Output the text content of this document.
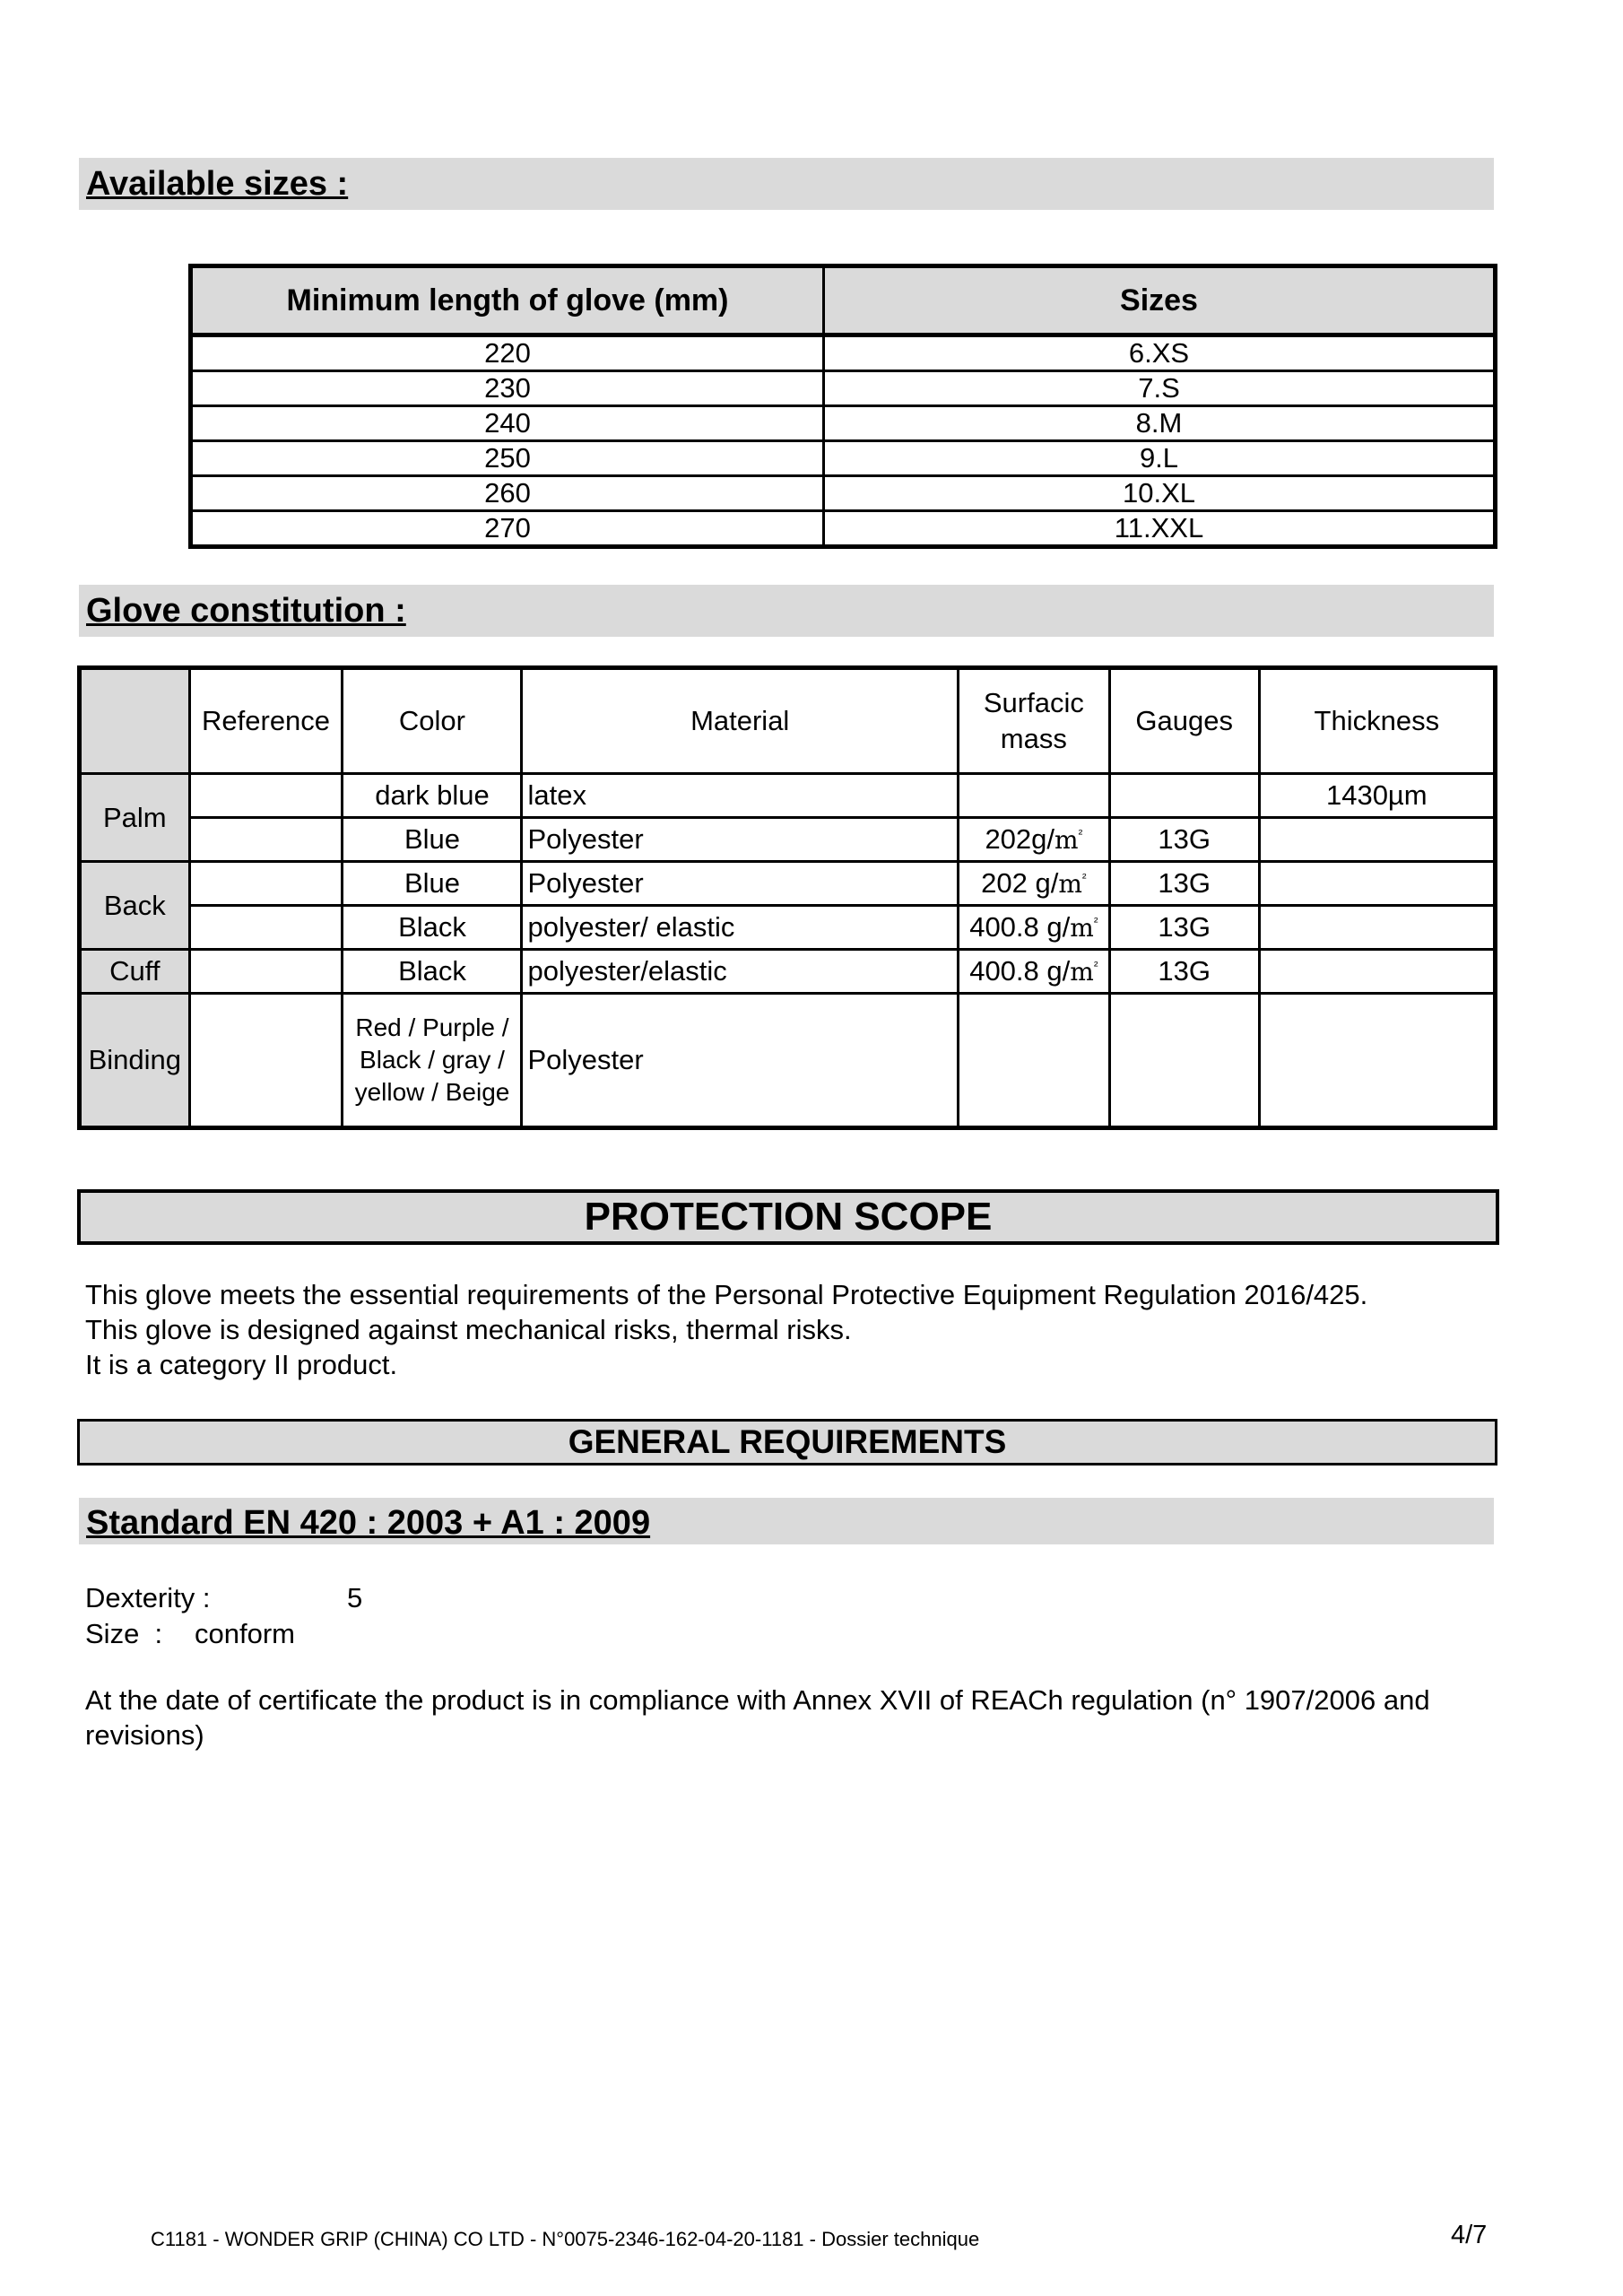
Available sizes :
Minimum length of glove (mm)	Sizes
220	6.XS
230	7.S
240	8.M
250	9.L
260	10.XL
270	11.XXL
Glove constitution :
	Reference	Color	Material	Surfacic mass	Gauges	Thickness
Palm		dark blue	latex			1430µm
		Blue	Polyester	$202g/m^{^2}$	13G	
Back		Blue	Polyester	202 $g/m^{^2}$	13G	
		Black	polyester/ elastic	400.8 $g/m^{^2}$	13G	
Cuff		Black	polyester/elastic	400.8 $g/m^{^2}$	13G	
Binding		Red / Purple /
Black / gray /
yellow / Beige	Polyester			
PROTECTION SCOPE
This glove meets the essential requirements of the Personal Protective Equipment Regulation 2016/425.
This glove is designed against mechanical risks, thermal risks.
It is a category II product.
GENERAL REQUIREMENTS
Standard EN 420 : 2003 + A1 : 2009
Dexterity :	5
Size  : conform
At the date of certificate the product is in compliance with Annex XVII of REACh regulation (n° 1907/2006 and
revisions)
C1181 - WONDER GRIP (CHINA) CO LTD - N°0075-2346-162-04-20-1181 - Dossier technique	4/7
